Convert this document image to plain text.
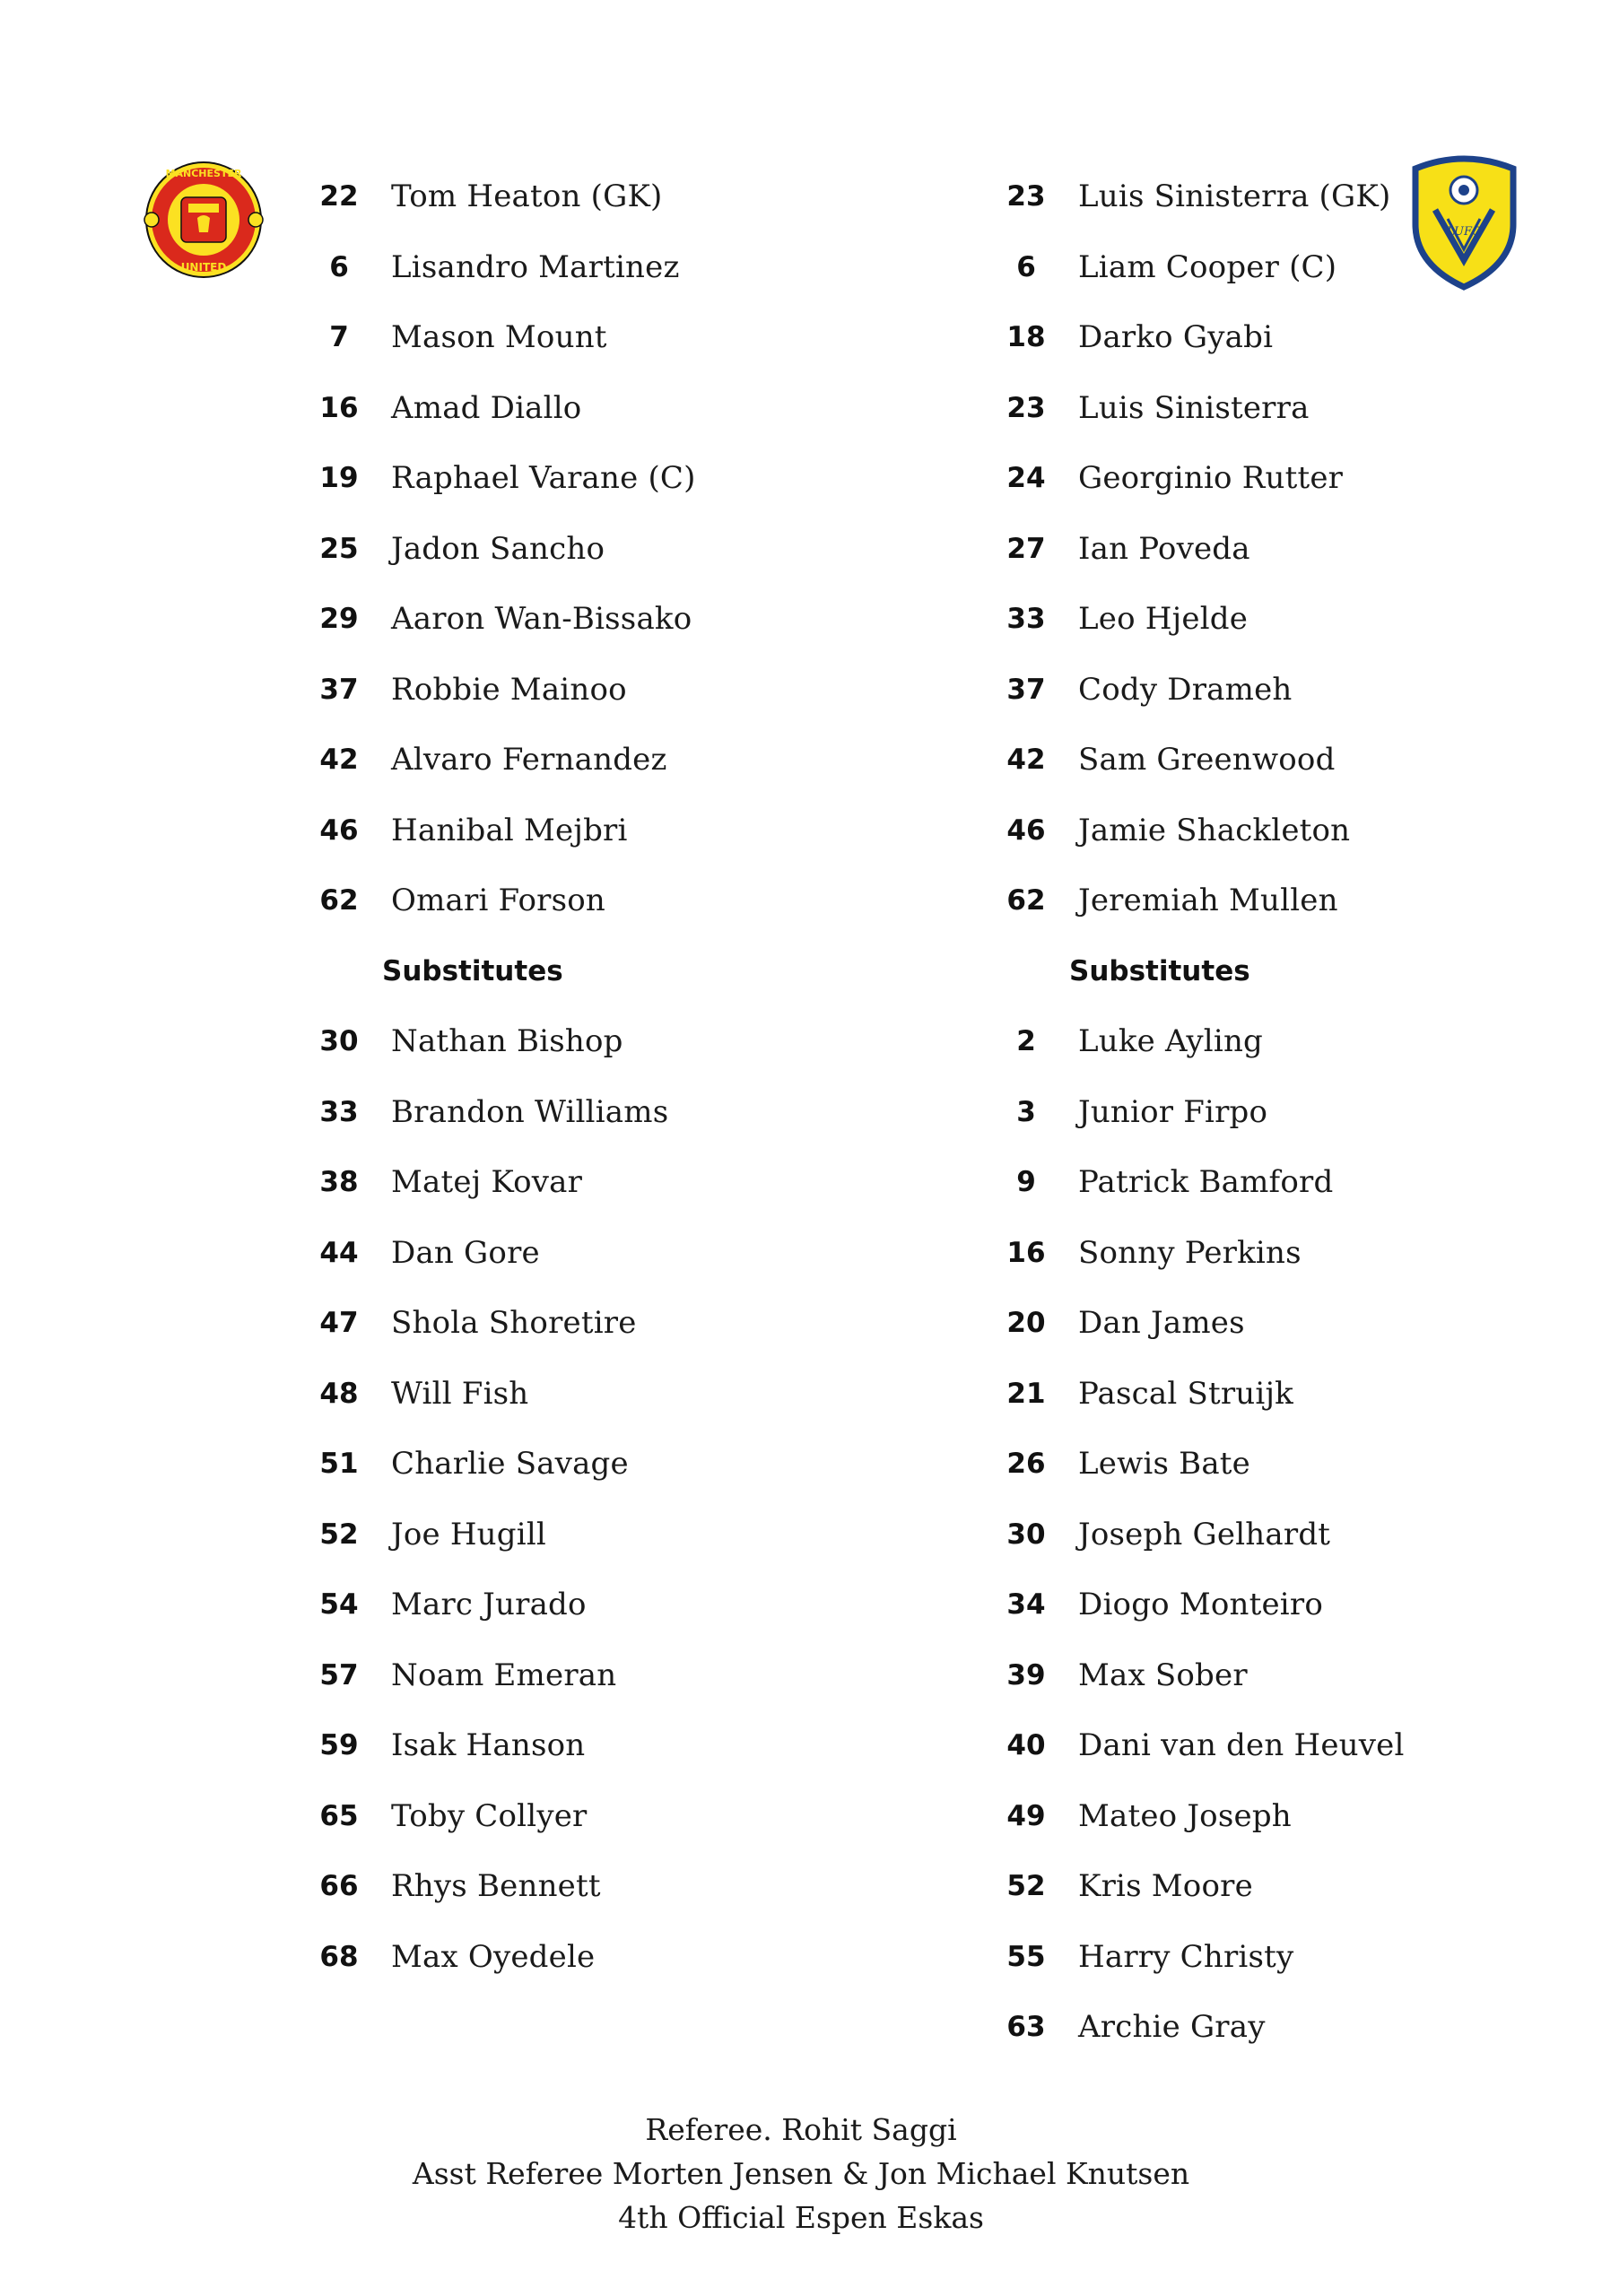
MANCHESTER
UNITED
LUFC
22	Tom Heaton (GK)
6	Lisandro Martinez
7	Mason Mount
16	Amad Diallo
19	Raphael Varane (C)
25	Jadon Sancho
29	Aaron Wan-Bissako
37	Robbie Mainoo
42	Alvaro Fernandez
46	Hanibal Mejbri
62	Omari Forson
Substitutes
30	Nathan Bishop
33	Brandon Williams
38	Matej Kovar
44	Dan Gore
47	Shola Shoretire
48	Will Fish
51	Charlie Savage
52	Joe Hugill
54	Marc Jurado
57	Noam Emeran
59	Isak Hanson
65	Toby Collyer
66	Rhys Bennett
68	Max Oyedele
23	Luis Sinisterra (GK)
6	Liam Cooper (C)
18	Darko Gyabi
23	Luis Sinisterra
24	Georginio Rutter
27	Ian Poveda
33	Leo Hjelde
37	Cody Drameh
42	Sam Greenwood
46	Jamie Shackleton
62	Jeremiah Mullen
Substitutes
2	Luke Ayling
3	Junior Firpo
9	Patrick Bamford
16	Sonny Perkins
20	Dan James
21	Pascal Struijk
26	Lewis Bate
30	Joseph Gelhardt
34	Diogo Monteiro
39	Max Sober
40	Dani van den Heuvel
49	Mateo Joseph
52	Kris Moore
55	Harry Christy
63	Archie Gray
Referee. Rohit Saggi
Asst Referee Morten Jensen & Jon Michael Knutsen
4th Official Espen Eskas
